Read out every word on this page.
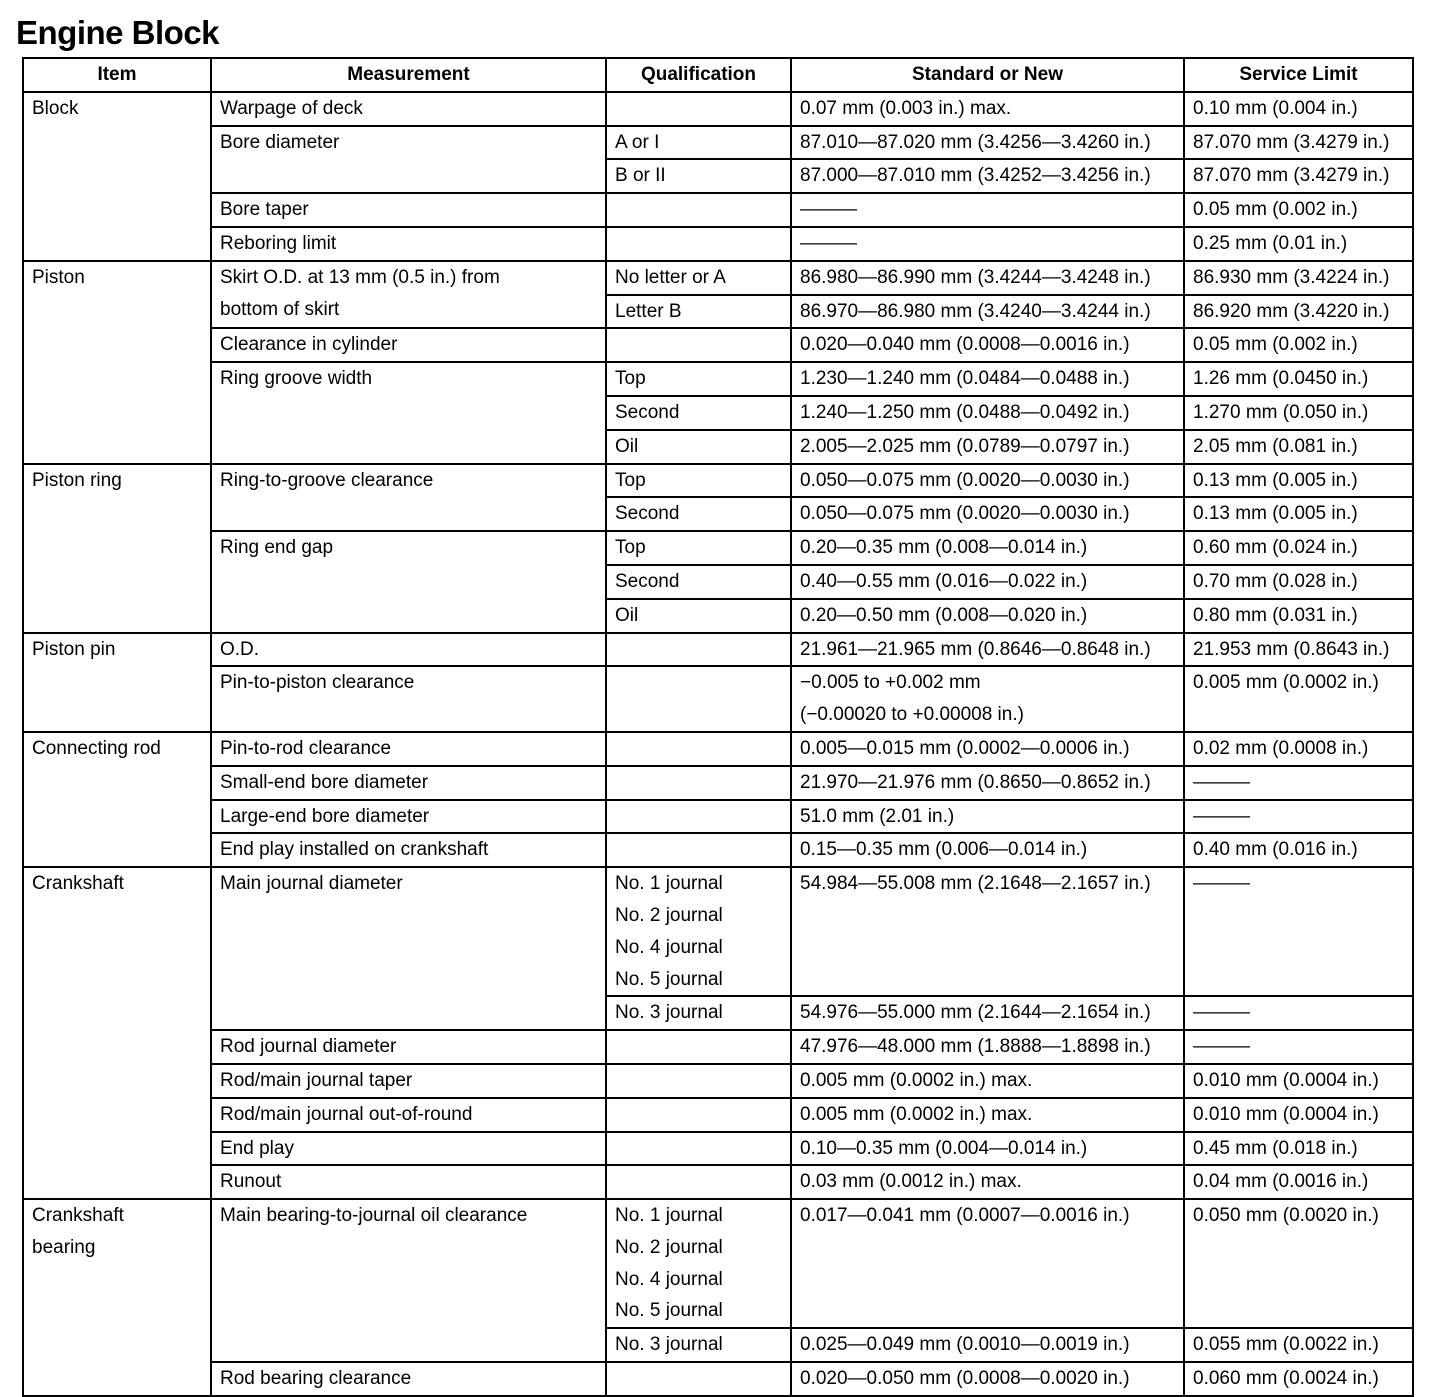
Engine Block
Item	Measurement	Qualification	Standard or New	Service Limit

Block	Warpage of deck		0.07 mm (0.003 in.) max.	0.10 mm (0.004 in.)

	Bore diameter	A or I	87.010—87.020 mm (3.4256—3.4260 in.)	87.070 mm (3.4279 in.)

		B or II	87.000—87.010 mm (3.4252—3.4256 in.)	87.070 mm (3.4279 in.)

	Bore taper		———	0.05 mm (0.002 in.)

	Reboring limit		———	0.25 mm (0.01 in.)

Piston	Skirt O.D. at 13 mm (0.5 in.) from
bottom of skirt	No letter or A	86.980—86.990 mm (3.4244—3.4248 in.)	86.930 mm (3.4224 in.)

		Letter B	86.970—86.980 mm (3.4240—3.4244 in.)	86.920 mm (3.4220 in.)

	Clearance in cylinder		0.020—0.040 mm (0.0008—0.0016 in.)	0.05 mm (0.002 in.)

	Ring groove width	Top	1.230—1.240 mm (0.0484—0.0488 in.)	1.26 mm (0.0450 in.)

		Second	1.240—1.250 mm (0.0488—0.0492 in.)	1.270 mm (0.050 in.)

		Oil	2.005—2.025 mm (0.0789—0.0797 in.)	2.05 mm (0.081 in.)

Piston ring	Ring-to-groove clearance	Top	0.050—0.075 mm (0.0020—0.0030 in.)	0.13 mm (0.005 in.)

		Second	0.050—0.075 mm (0.0020—0.0030 in.)	0.13 mm (0.005 in.)

	Ring end gap	Top	0.20—0.35 mm (0.008—0.014 in.)	0.60 mm (0.024 in.)

		Second	0.40—0.55 mm (0.016—0.022 in.)	0.70 mm (0.028 in.)

		Oil	0.20—0.50 mm (0.008—0.020 in.)	0.80 mm (0.031 in.)

Piston pin	O.D.		21.961—21.965 mm (0.8646—0.8648 in.)	21.953 mm (0.8643 in.)

	Pin-to-piston clearance		−0.005 to +0.002 mm
(−0.00020 to +0.00008 in.)	0.005 mm (0.0002 in.)

Connecting rod	Pin-to-rod clearance		0.005—0.015 mm (0.0002—0.0006 in.)	0.02 mm (0.0008 in.)

	Small-end bore diameter		21.970—21.976 mm (0.8650—0.8652 in.)	———

	Large-end bore diameter		51.0 mm (2.01 in.)	———

	End play installed on crankshaft		0.15—0.35 mm (0.006—0.014 in.)	0.40 mm (0.016 in.)

Crankshaft	Main journal diameter	No. 1 journal
No. 2 journal
No. 4 journal
No. 5 journal	54.984—55.008 mm (2.1648—2.1657 in.)	———

		No. 3 journal	54.976—55.000 mm (2.1644—2.1654 in.)	———

	Rod journal diameter		47.976—48.000 mm (1.8888—1.8898 in.)	———

	Rod/main journal taper		0.005 mm (0.0002 in.) max.	0.010 mm (0.0004 in.)

	Rod/main journal out-of-round		0.005 mm (0.0002 in.) max.	0.010 mm (0.0004 in.)

	End play		0.10—0.35 mm (0.004—0.014 in.)	0.45 mm (0.018 in.)

	Runout		0.03 mm (0.0012 in.) max.	0.04 mm (0.0016 in.)

Crankshaft
bearing	Main bearing-to-journal oil clearance	No. 1 journal
No. 2 journal
No. 4 journal
No. 5 journal	0.017—0.041 mm (0.0007—0.0016 in.)	0.050 mm (0.0020 in.)

		No. 3 journal	0.025—0.049 mm (0.0010—0.0019 in.)	0.055 mm (0.0022 in.)

	Rod bearing clearance		0.020—0.050 mm (0.0008—0.0020 in.)	0.060 mm (0.0024 in.)
